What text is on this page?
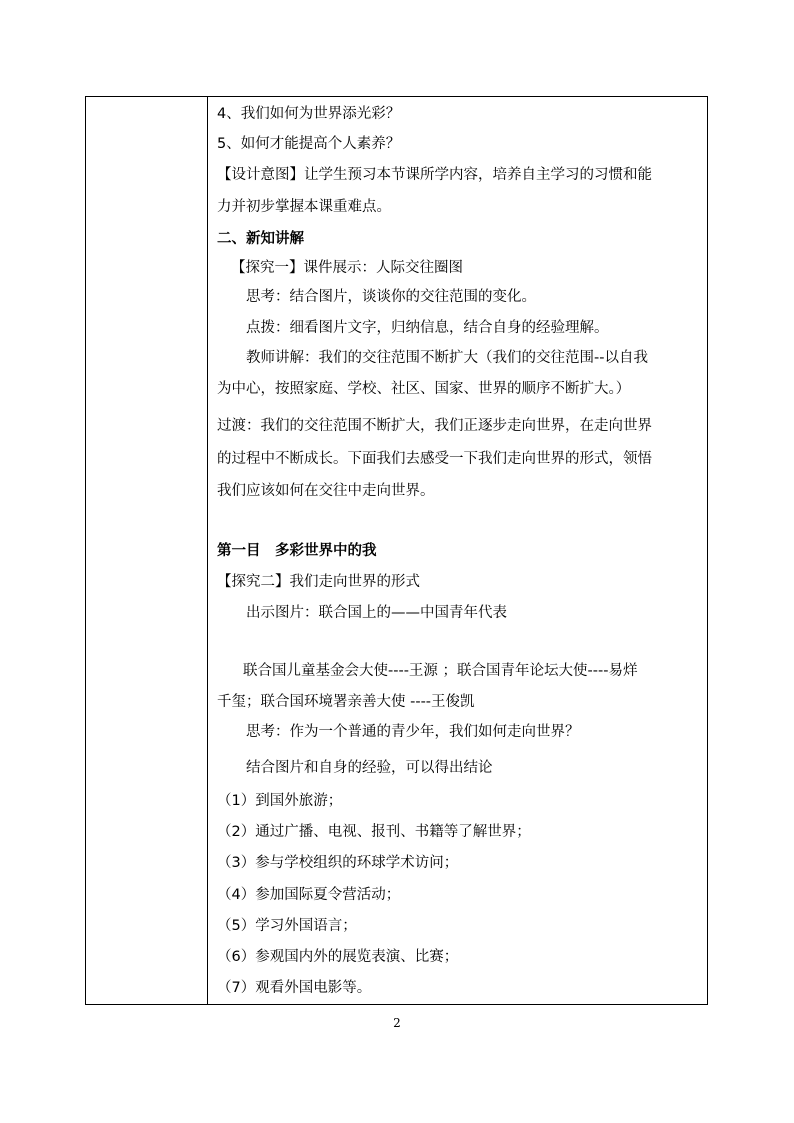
4、我们如何为世界添光彩？
5、如何才能提高个人素养？
【设计意图】让学生预习本节课所学内容，培养自主学习的习惯和能
力并初步掌握本课重难点。
二、新知讲解
【探究一】课件展示：人际交往圈图
思考：结合图片，谈谈你的交往范围的变化。
点拨：细看图片文字，归纳信息，结合自身的经验理解。
教师讲解：我们的交往范围不断扩大（我们的交往范围--以自我
为中心，按照家庭、学校、社区、国家、世界的顺序不断扩大。）
过渡：我们的交往范围不断扩大，我们正逐步走向世界，在走向世界
的过程中不断成长。下面我们去感受一下我们走向世界的形式，领悟
我们应该如何在交往中走向世界。
第一目　多彩世界中的我
【探究二】我们走向世界的形式
出示图片：联合国上的——中国青年代表
联合国儿童基金会大使----王源 ；联合国青年论坛大使----易烊
千玺；联合国环境署亲善大使 ----王俊凯
思考：作为一个普通的青少年，我们如何走向世界？
结合图片和自身的经验，可以得出结论
（1）到国外旅游；
（2）通过广播、电视、报刊、书籍等了解世界；
（3）参与学校组织的环球学术访问；
（4）参加国际夏令营活动；
（5）学习外国语言；
（6）参观国内外的展览表演、比赛；
（7）观看外国电影等。
2
